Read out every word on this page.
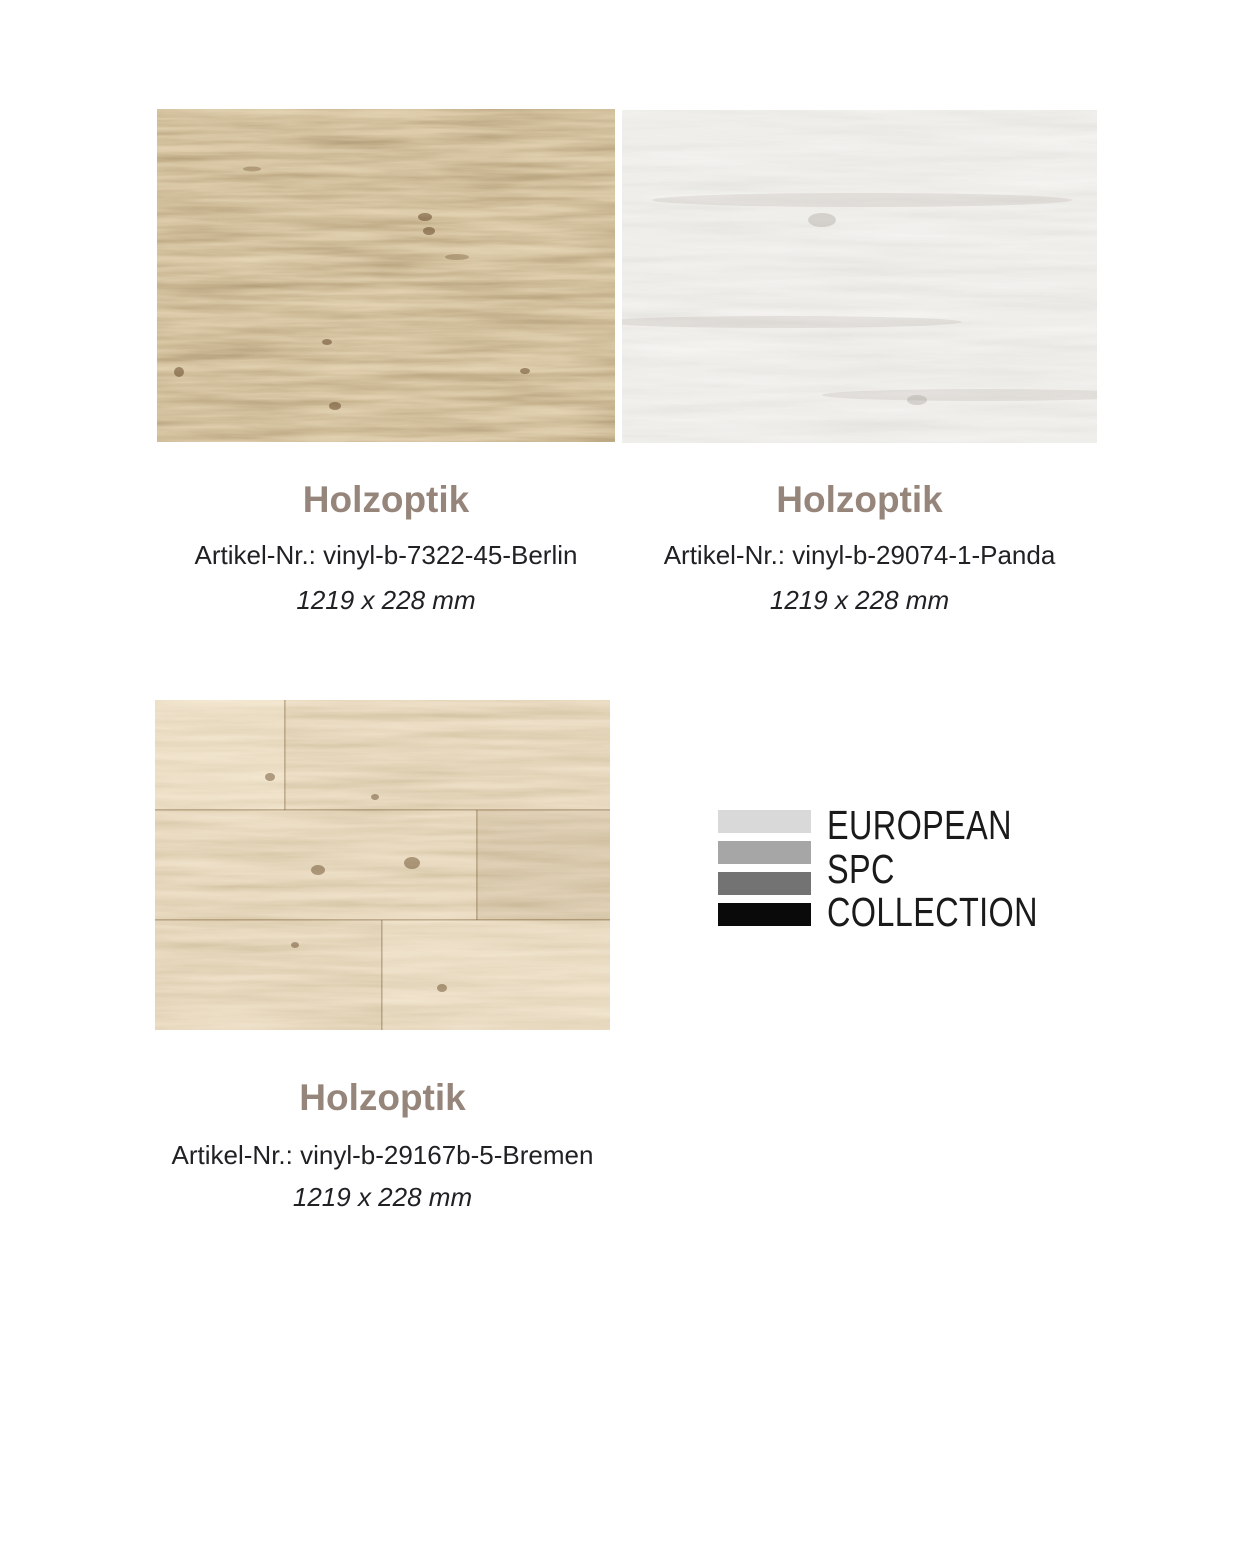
Holzoptik

Artikel-Nr.: vinyl-b-7322-45-Berlin

1219 x 228 mm

Holzoptik

Artikel-Nr.: vinyl-b-29074-1-Panda

1219 x 228 mm

Holzoptik

Artikel-Nr.: vinyl-b-29167b-5-Bremen

1219 x 228 mm

EUROPEAN
SPC
COLLECTION
